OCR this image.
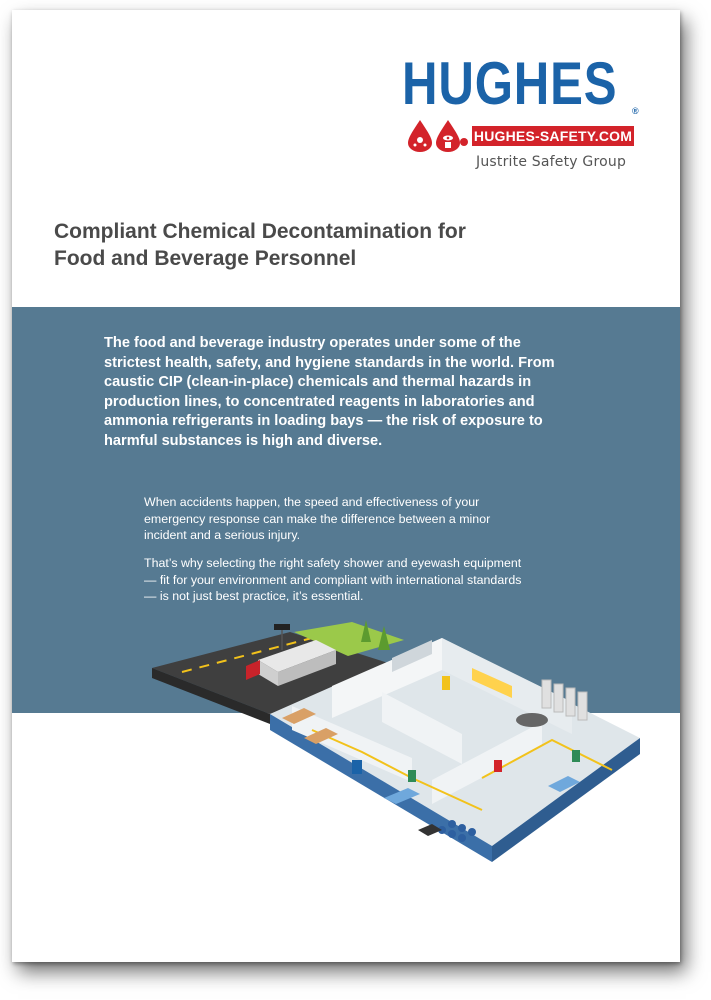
HUGHES ®
HUGHES-SAFETY.COM
Justrite Safety Group
Compliant Chemical Decontamination for Food and Beverage Personnel

The food and beverage industry operates under some of the strictest health, safety, and hygiene standards in the world. From caustic CIP (clean-in-place) chemicals and thermal hazards in production lines, to concentrated reagents in laboratories and ammonia refrigerants in loading bays — the risk of exposure to harmful substances is high and diverse.

When accidents happen, the speed and effectiveness of your emergency response can make the difference between a minor incident and a serious injury.

That’s why selecting the right safety shower and eyewash equipment — fit for your environment and compliant with international standards — is not just best practice, it’s essential.
